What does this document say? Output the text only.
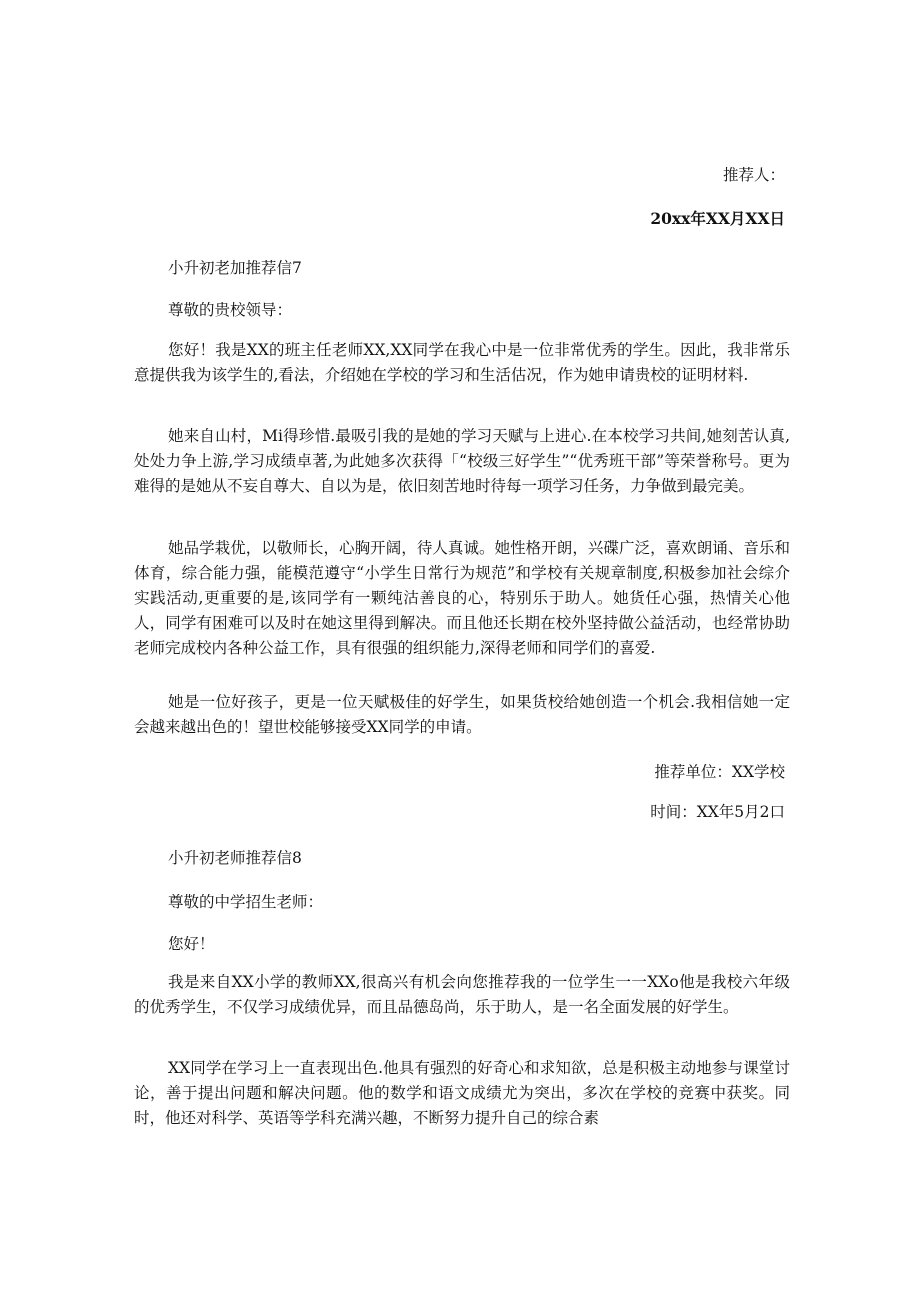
推荐人：
20xx年XX月XX日
小升初老加推荐信7
尊敬的贵校领导：
您好！我是XX的班主任老师XX,XX同学在我心中是一位非常优秀的学生。因此，我非常乐意提供我为该学生的,看法，介绍她在学校的学习和生活估况，作为她申请贵校的证明材料.
她来自山村，Mi得珍惜.最吸引我的是她的学习天赋与上进心.在本校学习共间,她刻苦认真,处处力争上游,学习成绩卓著,为此她多次获得「“校级三好学生”“优秀班干部”等荣誉称号。更为难得的是她从不妄自尊大、自以为是，依旧刻苦地时待每一项学习任务，力争做到最完美。
她品学栽优，以敬师长，心胸开阔，待人真诚。她性格开朗，兴碟广泛，喜欢朗诵、音乐和体育，综合能力强，能模范遵守“小学生日常行为规范”和学校有关规章制度,积极参加社会综介实践活动,更重要的是,该同学有一颗纯沽善良的心，特别乐于助人。她货任心强，热情关心他人，同学有困难可以及时在她这里得到解决。而且他还长期在校外坚持做公益活动，也经常协助老师完成校内各种公益工作，具有很强的组织能力,深得老师和同学们的喜爱.
她是一位好孩子，更是一位天赋极佳的好学生，如果货校给她创造一个机会.我相信她一定会越来越出色的！望世校能够接受XX同学的申请。
推荐单位：XX学校
时间：XX年5月2口
小升初老师推荐信8
尊敬的中学招生老师：
您好！
我是来自XX小学的教师XX,很高兴有机会向您推荐我的一位学生一一XXo他是我校六年级的优秀学生，不仅学习成绩优异，而且品德岛尚，乐于助人，是一名全面发展的好学生。
XX同学在学习上一直表现出色.他具有强烈的好奇心和求知欲，总是积极主动地参与课堂讨论，善于提出问题和解决问题。他的数学和语文成绩尤为突出，多次在学校的竞赛中获奖。同时，他还对科学、英语等学科充满兴趣，不断努力提升自己的综合素
